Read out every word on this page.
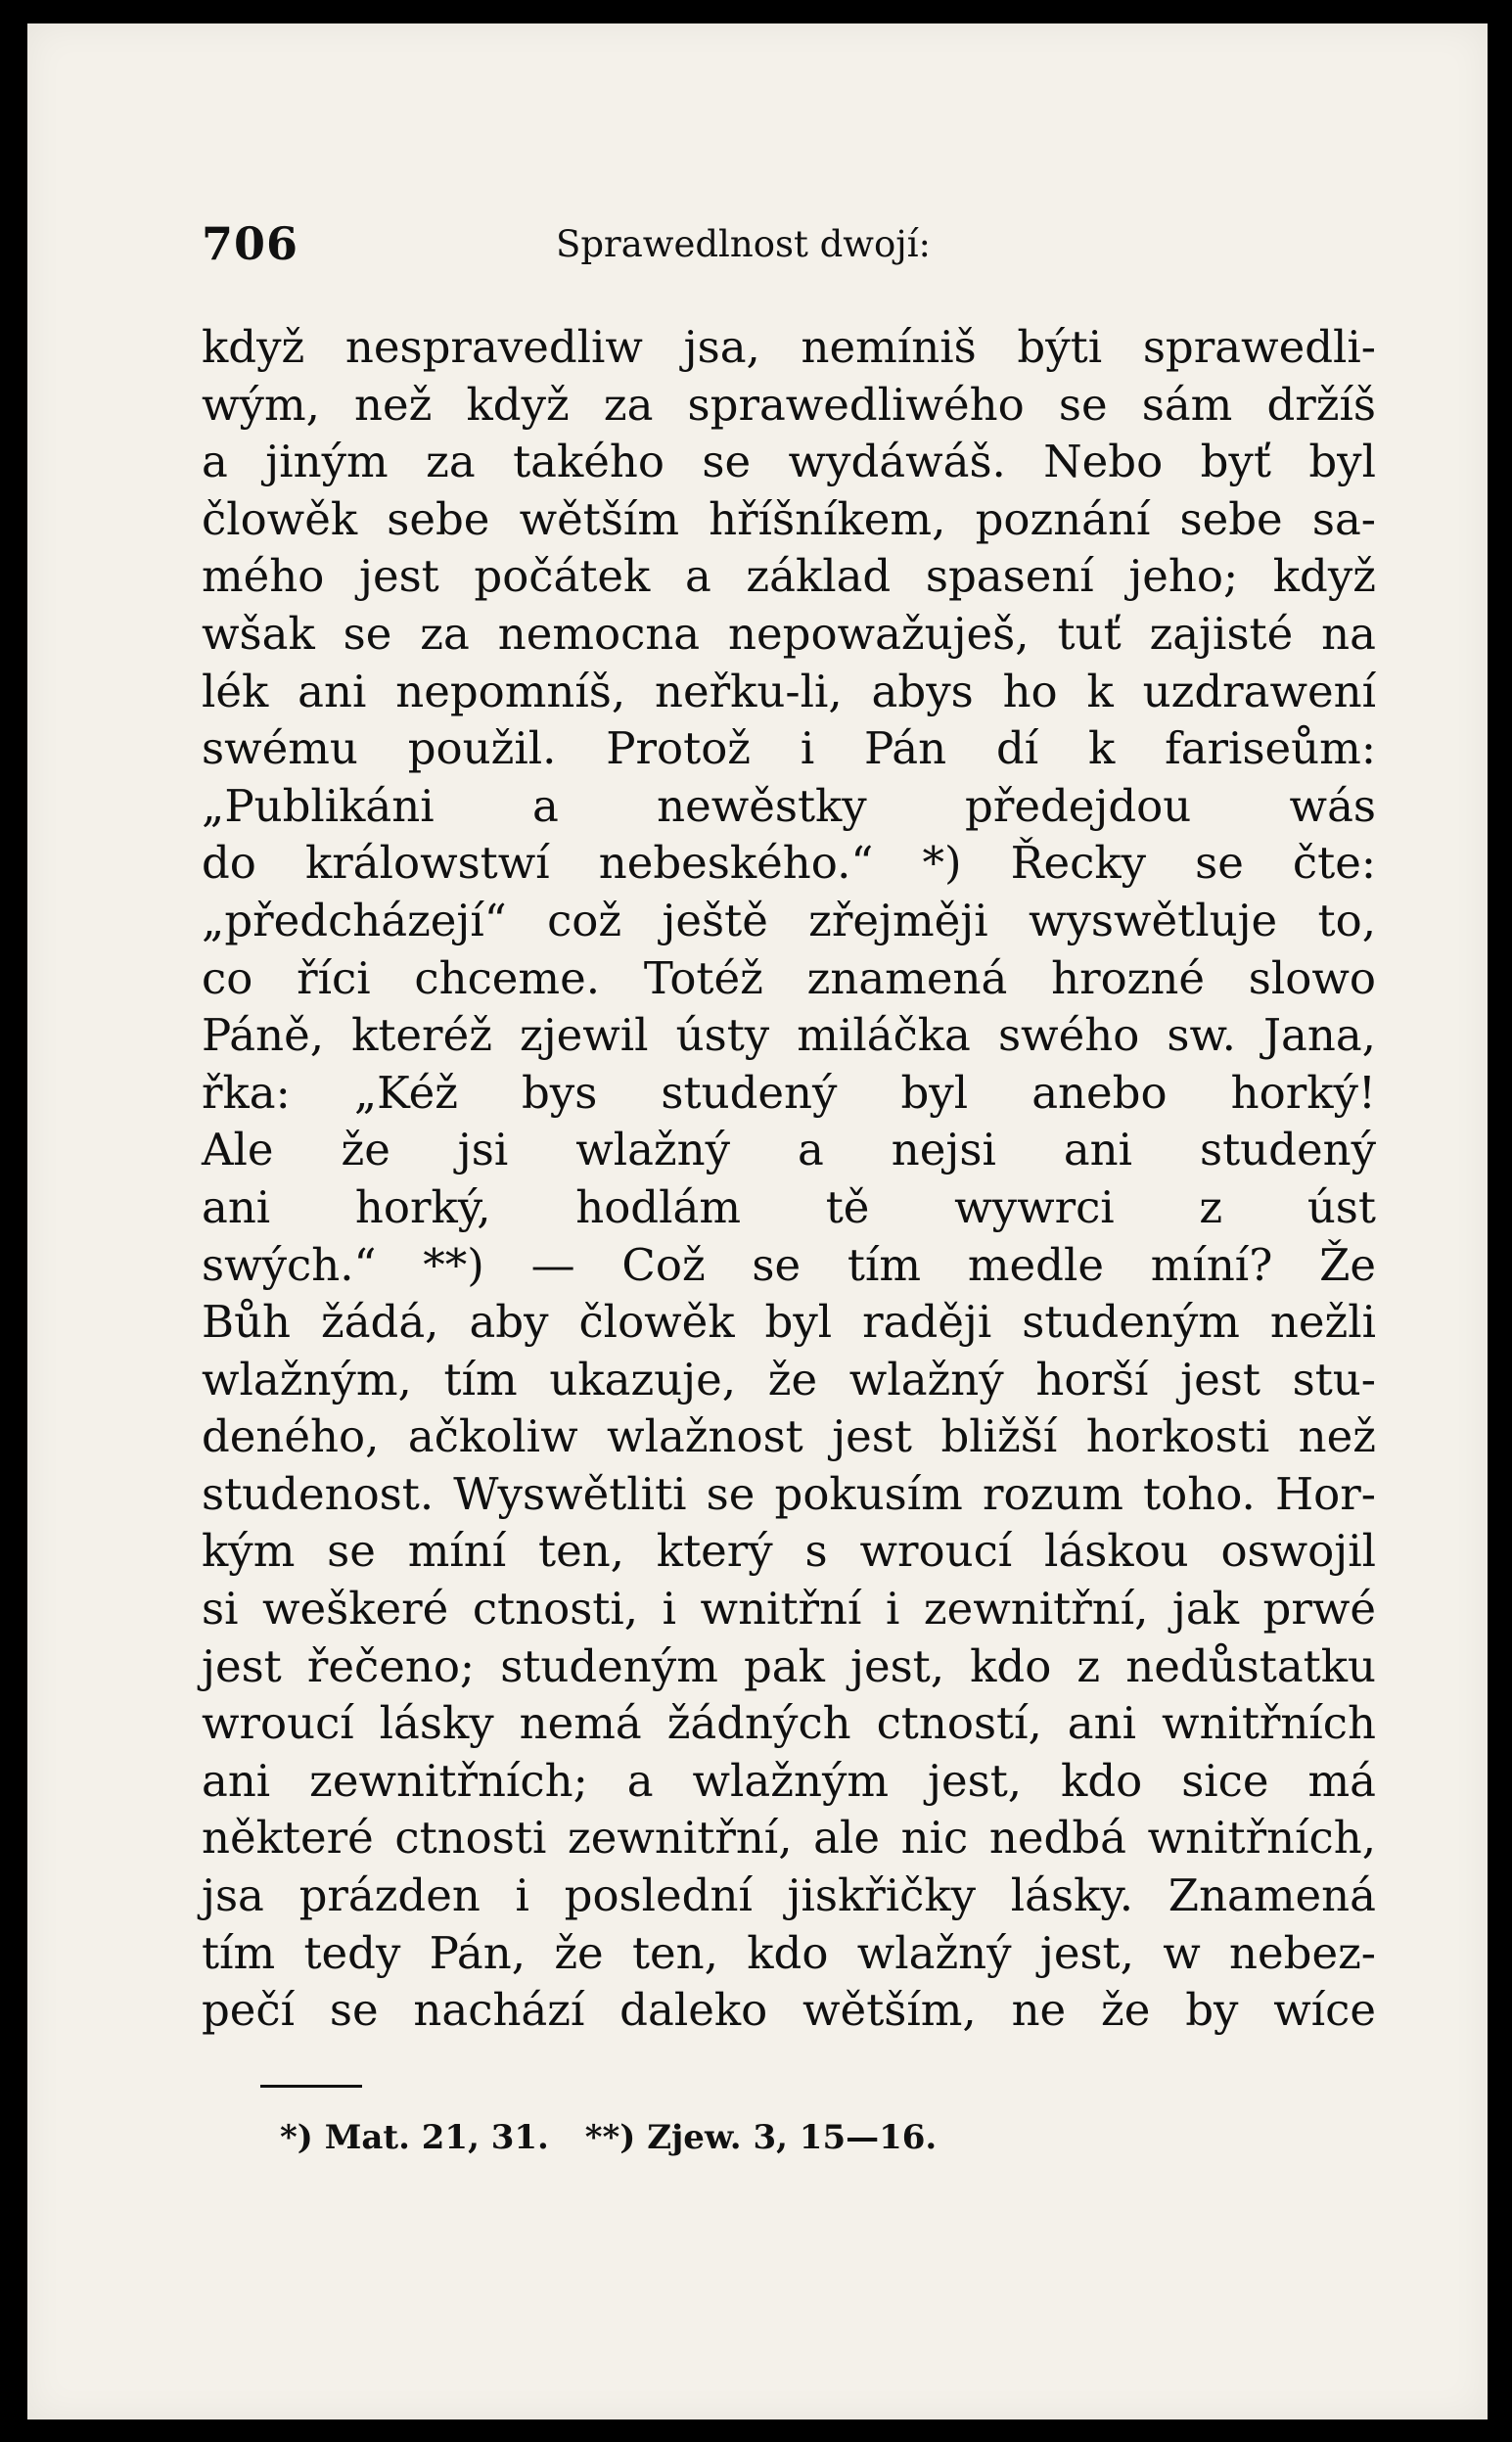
706	Sprawedlnost dwojí:
když nespravedliw jsa, nemíniš býti sprawedli-
wým, než když za sprawedliwého se sám držíš
a jiným za takého se wydáwáš. Nebo byť byl
člowěk sebe wětším hříšníkem, poznání sebe sa-
mého jest počátek a základ spasení jeho; když
wšak se za nemocna nepowažuješ, tuť zajisté na
lék ani nepomníš, neřku-li, abys ho k uzdrawení
swému použil. Protož i Pán dí k fariseům:
„Publikáni a newěstky předejdou wás
do králowstwí nebeského.“ *) Řecky se čte:
„předcházejí“ což ještě zřejměji wyswětluje to,
co říci chceme. Totéž znamená hrozné slowo
Páně, kteréž zjewil ústy miláčka swého sw. Jana,
řka: „Kéž bys studený byl anebo horký!
Ale že jsi wlažný a nejsi ani studený
ani horký, hodlám tě wywrci z úst
swých.“ **) — Což se tím medle míní? Že
Bůh žádá, aby člowěk byl raději studeným nežli
wlažným, tím ukazuje, že wlažný horší jest stu-
deného, ačkoliw wlažnost jest bližší horkosti než
studenost. Wyswětliti se pokusím rozum toho. Hor-
kým se míní ten, který s wroucí láskou oswojil
si weškeré ctnosti, i wnitřní i zewnitřní, jak prwé
jest řečeno; studeným pak jest, kdo z nedůstatku
wroucí lásky nemá žádných ctností, ani wnitřních
ani zewnitřních; a wlažným jest, kdo sice má
některé ctnosti zewnitřní, ale nic nedbá wnitřních,
jsa prázden i poslední jiskřičky lásky. Znamená
tím tedy Pán, že ten, kdo wlažný jest, w nebez-
pečí se nachází daleko wětším, ne že by wíce
*) Mat. 21, 31. **) Zjew. 3, 15—16.
